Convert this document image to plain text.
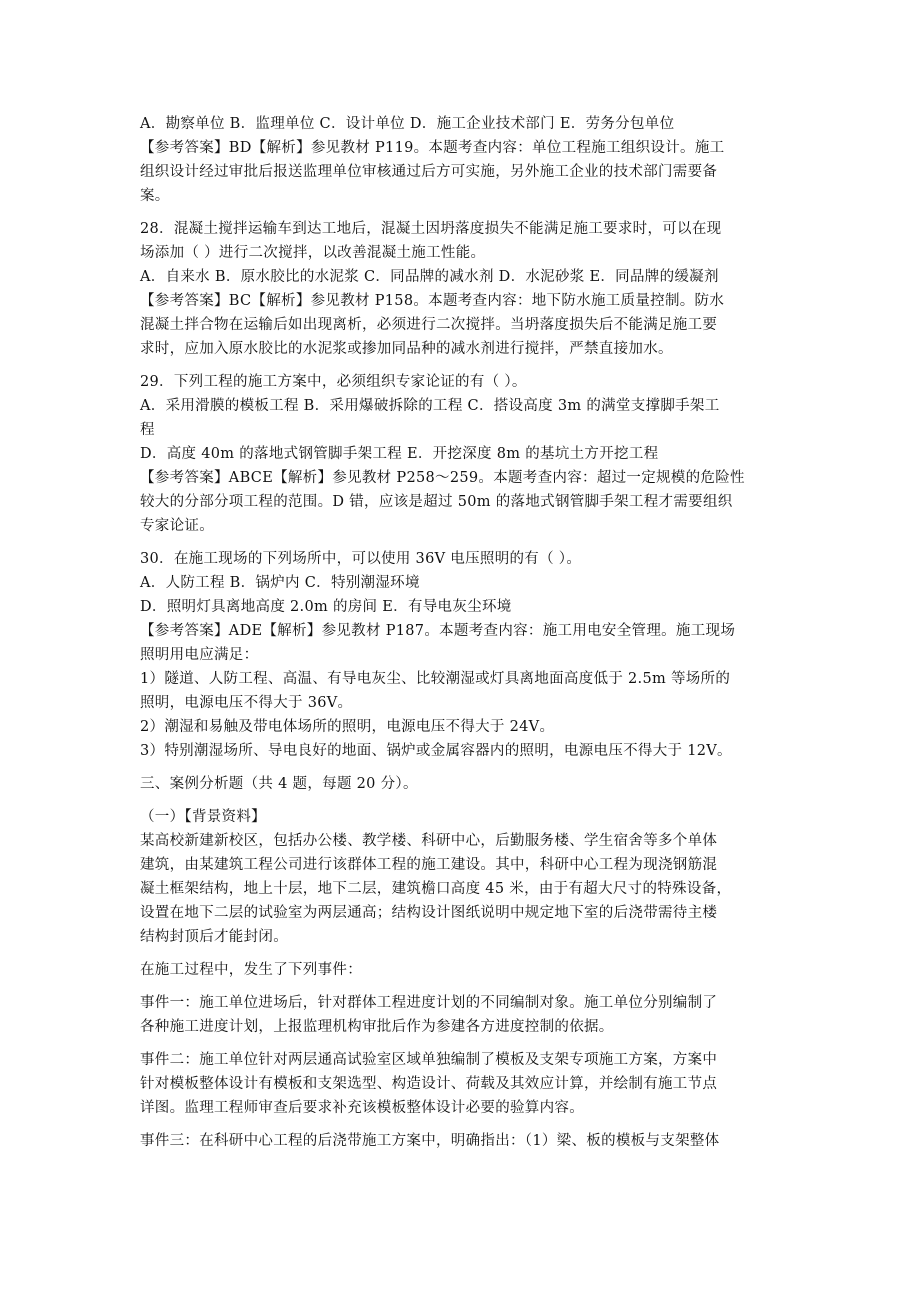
A．勘察单位 B．监理单位 C．设计单位 D．施工企业技术部门 E．劳务分包单位
【参考答案】BD【解析】参见教材 P119。本题考查内容：单位工程施工组织设计。施工
组织设计经过审批后报送监理单位审核通过后方可实施，另外施工企业的技术部门需要备
案。
28．混凝土搅拌运输车到达工地后，混凝土因坍落度损失不能满足施工要求时，可以在现
场添加（ ）进行二次搅拌，以改善混凝土施工性能。
A．自来水 B．原水胶比的水泥浆 C．同品牌的减水剂 D．水泥砂浆 E．同品牌的缓凝剂
【参考答案】BC【解析】参见教材 P158。本题考查内容：地下防水施工质量控制。防水
混凝土拌合物在运输后如出现离析，必须进行二次搅拌。当坍落度损失后不能满足施工要
求时，应加入原水胶比的水泥浆或掺加同品种的减水剂进行搅拌，严禁直接加水。
29．下列工程的施工方案中，必须组织专家论证的有（ ）。
A．采用滑膜的模板工程 B．采用爆破拆除的工程 C．搭设高度 3m 的满堂支撑脚手架工
程
D．高度 40m 的落地式钢管脚手架工程 E．开挖深度 8m 的基坑土方开挖工程
【参考答案】ABCE【解析】参见教材 P258～259。本题考查内容：超过一定规模的危险性
较大的分部分项工程的范围。D 错，应该是超过 50m 的落地式钢管脚手架工程才需要组织
专家论证。
30．在施工现场的下列场所中，可以使用 36V 电压照明的有（ ）。
A．人防工程 B．锅炉内 C．特别潮湿环境
D．照明灯具离地高度 2.0m 的房间 E．有导电灰尘环境
【参考答案】ADE【解析】参见教材 P187。本题考查内容：施工用电安全管理。施工现场
照明用电应满足：
1）隧道、人防工程、高温、有导电灰尘、比较潮湿或灯具离地面高度低于 2.5m 等场所的
照明，电源电压不得大于 36V。
2）潮湿和易触及带电体场所的照明，电源电压不得大于 24V。
3）特别潮湿场所、导电良好的地面、锅炉或金属容器内的照明，电源电压不得大于 12V。
三、案例分析题（共 4 题，每题 20 分）。
（一）【背景资料】
某高校新建新校区，包括办公楼、教学楼、科研中心，后勤服务楼、学生宿舍等多个单体
建筑，由某建筑工程公司进行该群体工程的施工建设。其中，科研中心工程为现浇钢筋混
凝土框架结构，地上十层，地下二层，建筑檐口高度 45 米，由于有超大尺寸的特殊设备，
设置在地下二层的试验室为两层通高；结构设计图纸说明中规定地下室的后浇带需待主楼
结构封顶后才能封闭。
在施工过程中，发生了下列事件：
事件一：施工单位进场后，针对群体工程进度计划的不同编制对象。施工单位分别编制了
各种施工进度计划，上报监理机构审批后作为参建各方进度控制的依据。
事件二：施工单位针对两层通高试验室区域单独编制了模板及支架专项施工方案，方案中
针对模板整体设计有模板和支架选型、构造设计、荷载及其效应计算，并绘制有施工节点
详图。监理工程师审查后要求补充该模板整体设计必要的验算内容。
事件三：在科研中心工程的后浇带施工方案中，明确指出：（1）梁、板的模板与支架整体
